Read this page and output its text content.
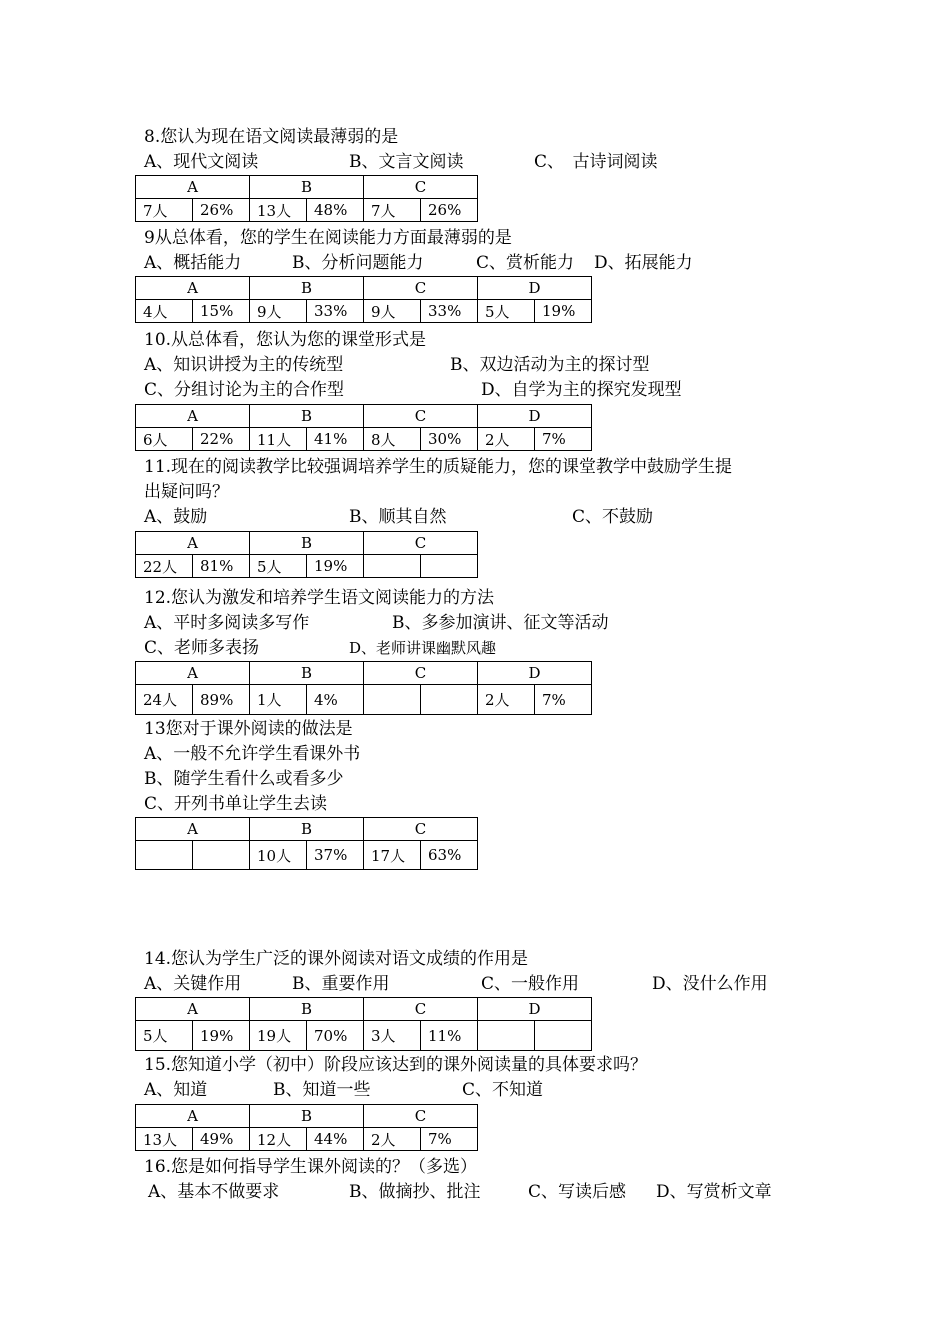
8.您认为现在语文阅读最薄弱的是

A、现代文阅读

	B、文言文阅读

	C、　古诗词阅读

A		B		C	
7人	26%	13人	48%	7人	26%
9从总体看，您的学生在阅读能力方面最薄弱的是

A、概括能力

	B、分析问题能力

	C、赏析能力

D、拓展能力

A		B		C		D	
4人	15%	9人	33%	9人	33%	5人	19%
10.从总体看，您认为您的课堂形式是

A、知识讲授为主的传统型

	B、双边活动为主的探讨型

C、分组讨论为主的合作型

	D、自学为主的探究发现型

A		B		C		D	
6人	22%	11人	41%	8人	30%	2人	7%
11.现在的阅读教学比较强调培养学生的质疑能力，您的课堂教学中鼓励学生提
出疑问吗？

A、鼓励

	B、顺其自然

	C、不鼓励

A		B		C	
22人	81%	5人	19%		
12.您认为激发和培养学生语文阅读能力的方法

A、平时多阅读多写作

	B、多参加演讲、征文等活动

C、老师多表扬

	D、老师讲课幽默风趣

A		B		C		D	
24人	89%	1人	4%			2人	7%
13您对于课外阅读的做法是
A、一般不允许学生看课外书
B、随学生看什么或看多少
C、开列书单让学生去读
A		B		C	
		10人	37%	17人	63%
14.您认为学生广泛的课外阅读对语文成绩的作用是

A、关键作用

	B、重要作用

	C、一般作用

	D、没什么作用

A		B		C		D	
5人	19%	19人	70%	3人	11%		
15.您知道小学（初中）阶段应该达到的课外阅读量的具体要求吗？

A、知道

	B、知道一些

	C、不知道

A		B		C	
13人	49%	12人	44%	2人	7%
16.您是如何指导学生课外阅读的？（多选）

A、基本不做要求

	B、做摘抄、批注

	C、写读后感

D、写赏析文章
